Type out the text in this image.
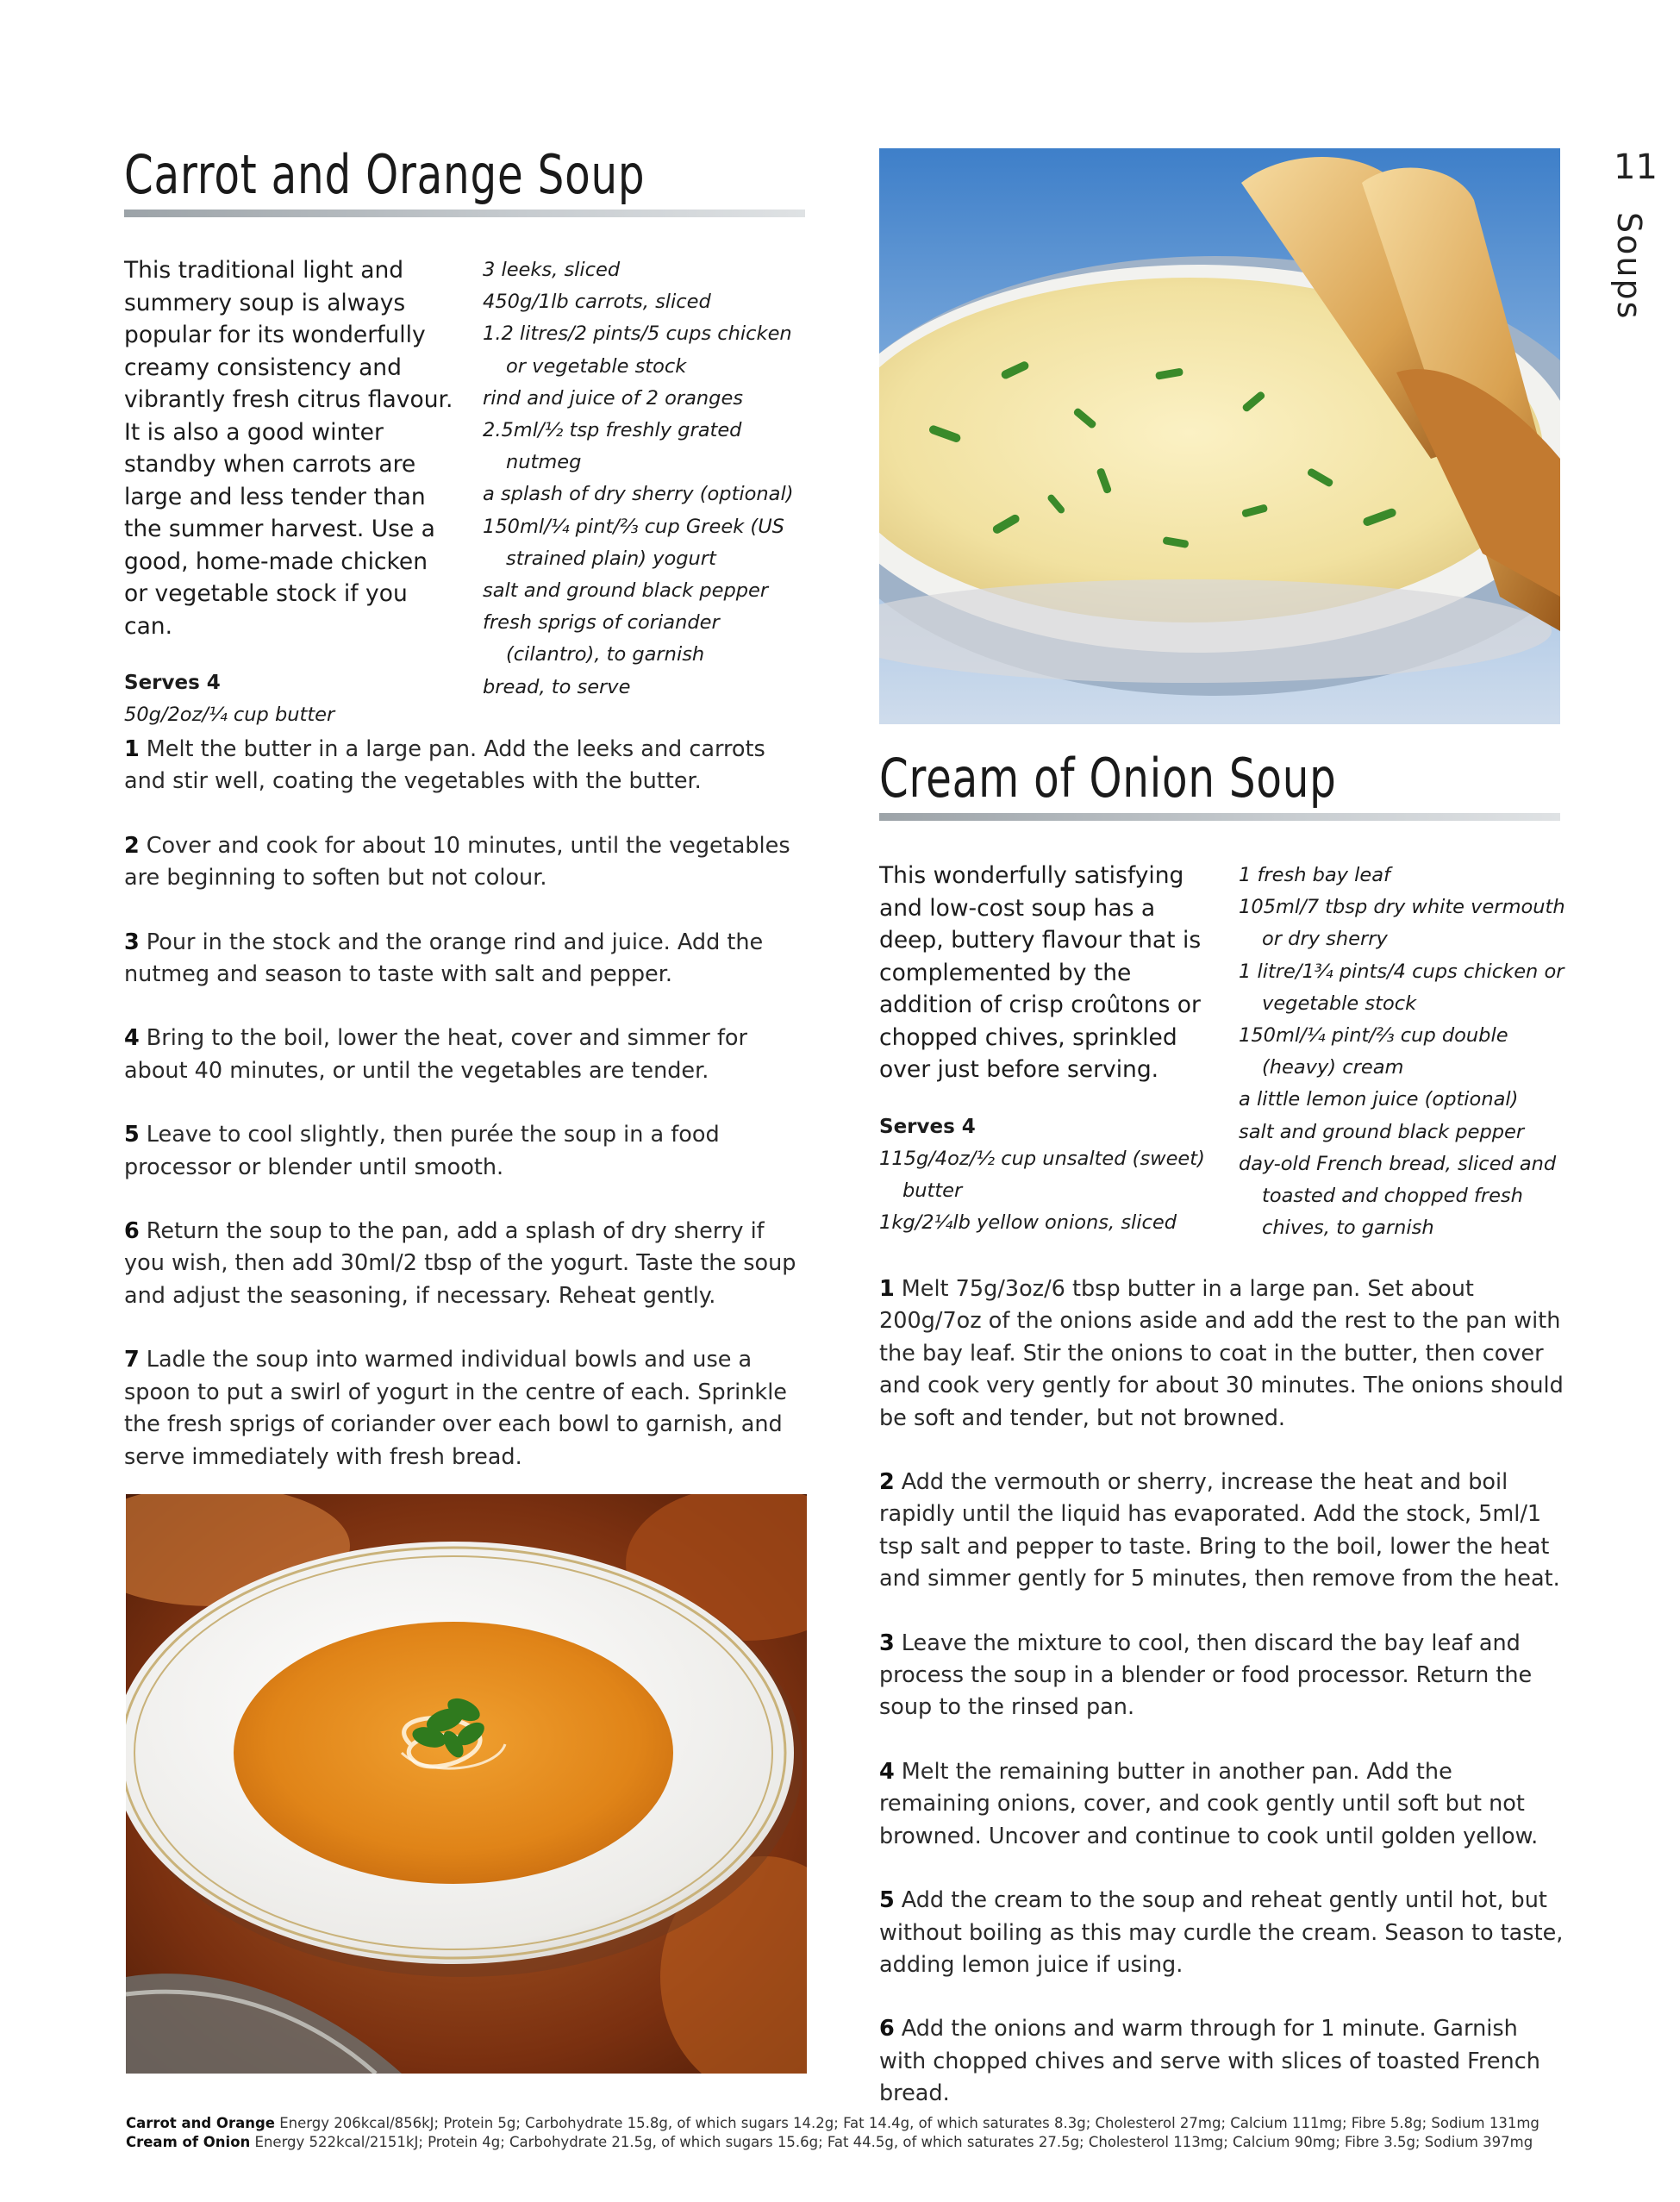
11
Soups
Carrot and Orange Soup

This traditional light and summery soup is always popular for its wonderfully creamy consistency and vibrantly fresh citrus flavour. It is also a good winter standby when carrots are large and less tender than the summer harvest. Use a good, home-made chicken or vegetable stock if you can.

Serves 4
50g/2oz/¼ cup butter
3 leeks, sliced
450g/1lb carrots, sliced
1.2 litres/2 pints/5 cups chicken or vegetable stock
rind and juice of 2 oranges
2.5ml/½ tsp freshly grated nutmeg
a splash of dry sherry (optional)
150ml/¼ pint/⅔ cup Greek (US strained plain) yogurt
salt and ground black pepper
fresh sprigs of coriander (cilantro), to garnish
bread, to serve

1 Melt the butter in a large pan. Add the leeks and carrots and stir well, coating the vegetables with the butter.

2 Cover and cook for about 10 minutes, until the vegetables are beginning to soften but not colour.

3 Pour in the stock and the orange rind and juice. Add the nutmeg and season to taste with salt and pepper.

4 Bring to the boil, lower the heat, cover and simmer for about 40 minutes, or until the vegetables are tender.

5 Leave to cool slightly, then purée the soup in a food processor or blender until smooth.

6 Return the soup to the pan, add a splash of dry sherry if you wish, then add 30ml/2 tbsp of the yogurt. Taste the soup and adjust the seasoning, if necessary. Reheat gently.

7 Ladle the soup into warmed individual bowls and use a spoon to put a swirl of yogurt in the centre of each. Sprinkle the fresh sprigs of coriander over each bowl to garnish, and serve immediately with fresh bread.

Cream of Onion Soup

This wonderfully satisfying and low-cost soup has a deep, buttery flavour that is complemented by the addition of crisp croûtons or chopped chives, sprinkled over just before serving.

Serves 4
115g/4oz/½ cup unsalted (sweet) butter
1kg/2¼lb yellow onions, sliced
1 fresh bay leaf
105ml/7 tbsp dry white vermouth or dry sherry
1 litre/1¾ pints/4 cups chicken or vegetable stock
150ml/¼ pint/⅔ cup double (heavy) cream
a little lemon juice (optional)
salt and ground black pepper
day-old French bread, sliced and toasted and chopped fresh chives, to garnish

1 Melt 75g/3oz/6 tbsp butter in a large pan. Set about 200g/7oz of the onions aside and add the rest to the pan with the bay leaf. Stir the onions to coat in the butter, then cover and cook very gently for about 30 minutes. The onions should be soft and tender, but not browned.

2 Add the vermouth or sherry, increase the heat and boil rapidly until the liquid has evaporated. Add the stock, 5ml/1 tsp salt and pepper to taste. Bring to the boil, lower the heat and simmer gently for 5 minutes, then remove from the heat.

3 Leave the mixture to cool, then discard the bay leaf and process the soup in a blender or food processor. Return the soup to the rinsed pan.

4 Melt the remaining butter in another pan. Add the remaining onions, cover, and cook gently until soft but not browned. Uncover and continue to cook until golden yellow.

5 Add the cream to the soup and reheat gently until hot, but without boiling as this may curdle the cream. Season to taste, adding lemon juice if using.

6 Add the onions and warm through for 1 minute. Garnish with chopped chives and serve with slices of toasted French bread.

Carrot and Orange Energy 206kcal/856kJ; Protein 5g; Carbohydrate 15.8g, of which sugars 14.2g; Fat 14.4g, of which saturates 8.3g; Cholesterol 27mg; Calcium 111mg; Fibre 5.8g; Sodium 131mg
Cream of Onion Energy 522kcal/2151kJ; Protein 4g; Carbohydrate 21.5g, of which sugars 15.6g; Fat 44.5g, of which saturates 27.5g; Cholesterol 113mg; Calcium 90mg; Fibre 3.5g; Sodium 397mg
